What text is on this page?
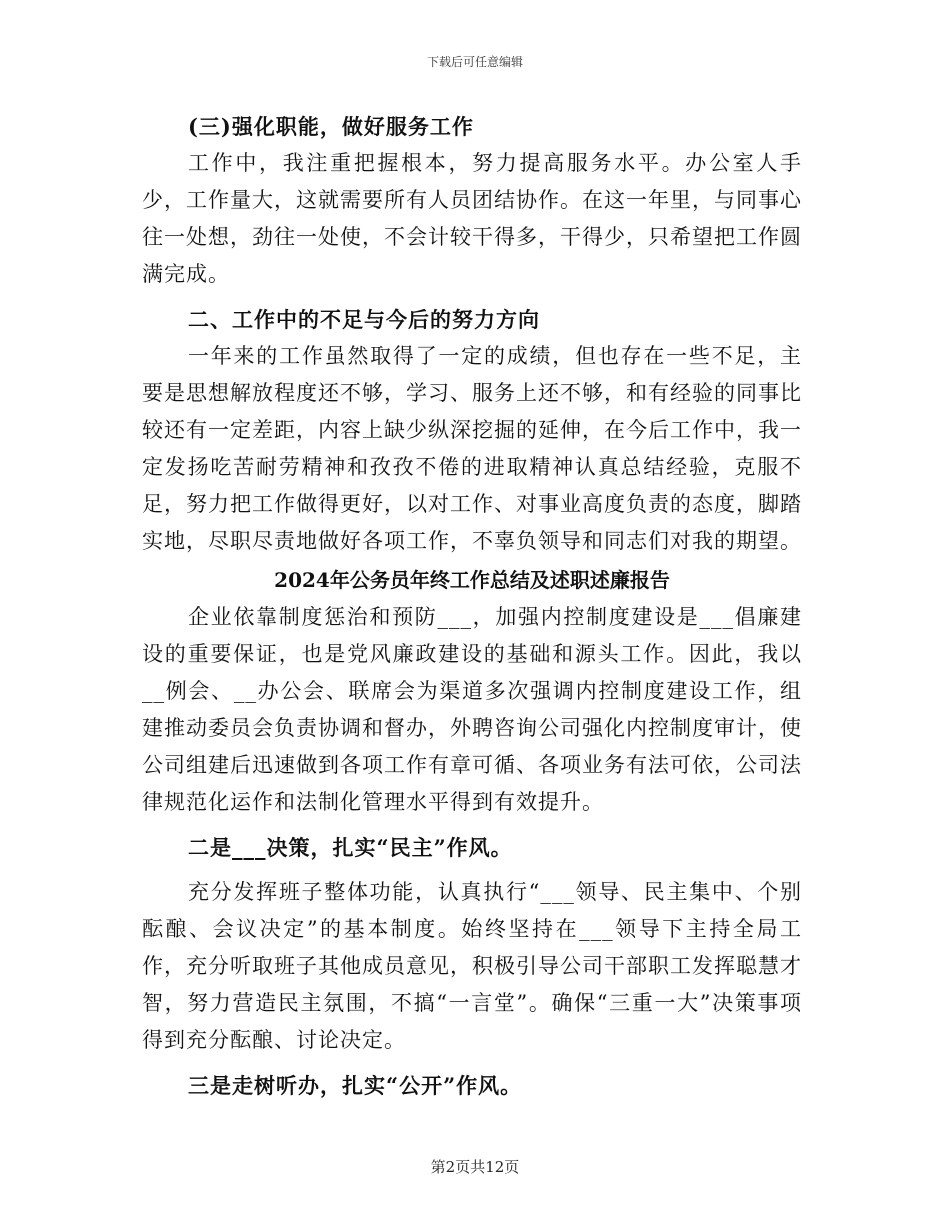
下载后可任意编辑

(三)强化职能，做好服务工作

工作中，我注重把握根本，努力提高服务水平。办公室人手少，工作量大，这就需要所有人员团结协作。在这一年里，与同事心往一处想，劲往一处使，不会计较干得多，干得少，只希望把工作圆满完成。

二、工作中的不足与今后的努力方向

一年来的工作虽然取得了一定的成绩，但也存在一些不足，主要是思想解放程度还不够，学习、服务上还不够，和有经验的同事比较还有一定差距，内容上缺少纵深挖掘的延伸，在今后工作中，我一定发扬吃苦耐劳精神和孜孜不倦的进取精神认真总结经验，克服不足，努力把工作做得更好，以对工作、对事业高度负责的态度，脚踏实地，尽职尽责地做好各项工作，不辜负领导和同志们对我的期望。

2024年公务员年终工作总结及述职述廉报告

企业依靠制度惩治和预防___，加强内控制度建设是___倡廉建设的重要保证，也是党风廉政建设的基础和源头工作。因此，我以__例会、__办公会、联席会为渠道多次强调内控制度建设工作，组建推动委员会负责协调和督办，外聘咨询公司强化内控制度审计，使公司组建后迅速做到各项工作有章可循、各项业务有法可依，公司法律规范化运作和法制化管理水平得到有效提升。

二是___决策，扎实“民主”作风。

充分发挥班子整体功能，认真执行“___领导、民主集中、个别酝酿、会议决定”的基本制度。始终坚持在___领导下主持全局工作，充分听取班子其他成员意见，积极引导公司干部职工发挥聪慧才智，努力营造民主氛围，不搞“一言堂”。确保“三重一大”决策事项得到充分酝酿、讨论决定。

三是走树听办，扎实“公开”作风。

第2页共12页
